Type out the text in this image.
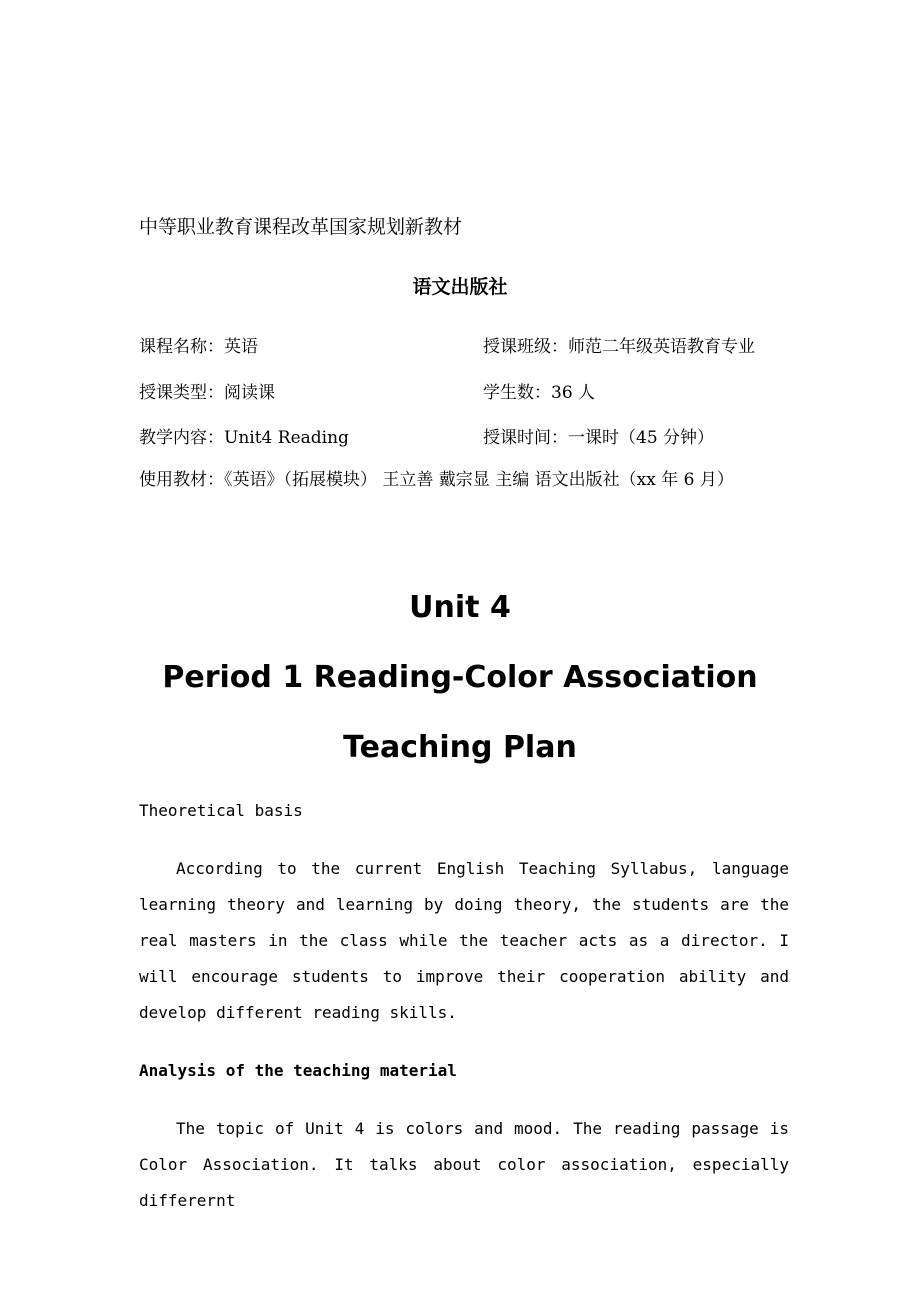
中等职业教育课程改革国家规划新教材
语文出版社
课程名称：英语	授课班级：师范二年级英语教育专业
授课类型：阅读课	学生数：36 人
教学内容：Unit4 Reading	授课时间：一课时（45 分钟）
使用教材：《英语》（拓展模块） 王立善 戴宗显 主编 语文出版社（xx 年 6 月）
Unit 4
Period 1 Reading-Color Association
Teaching Plan
Theoretical basis
According to the current English Teaching Syllabus, language learning theory and learning by doing theory, the students are the real masters in the class while the teacher acts as a director. I will encourage students to improve their cooperation ability and develop different reading skills.
Analysis of the teaching material
The topic of Unit 4 is colors and mood. The reading passage is Color Association. It talks about color association, especially differernt
